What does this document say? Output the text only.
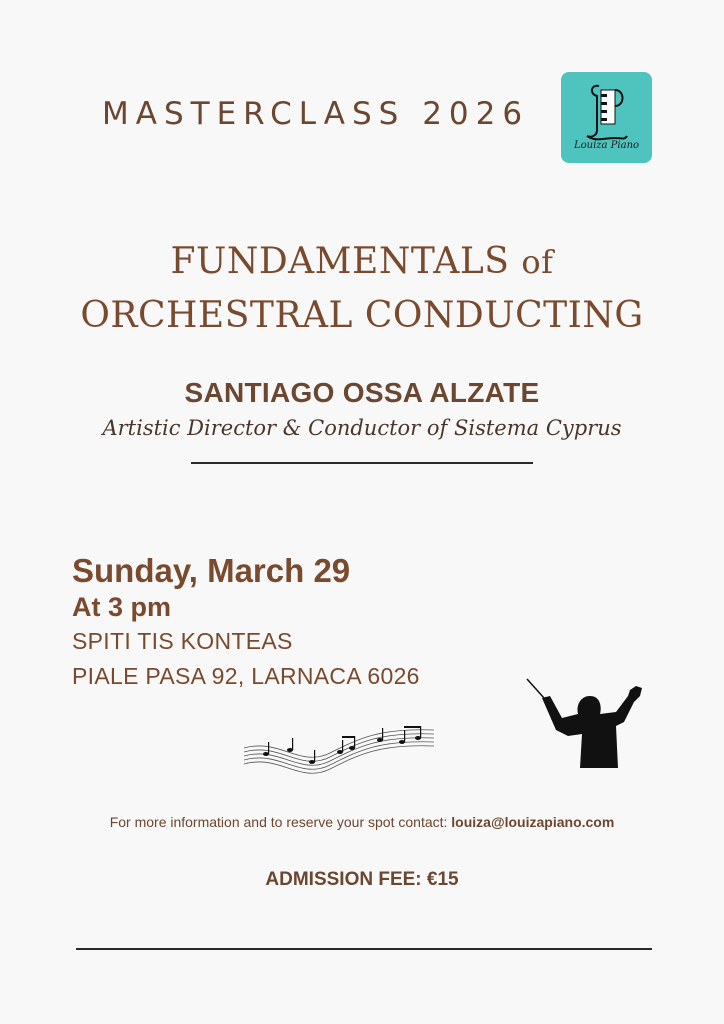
MASTERCLASS 2026
Louiza Piano
FUNDAMENTALS of
ORCHESTRAL CONDUCTING
SANTIAGO OSSA ALZATE
Artistic Director & Conductor of Sistema Cyprus
Sunday, March 29
At 3 pm
SPITI TIS KONTEAS
PIALE PASA 92, LARNACA 6026
For more information and to reserve your spot contact: louiza@louizapiano.com
ADMISSION FEE: €15
